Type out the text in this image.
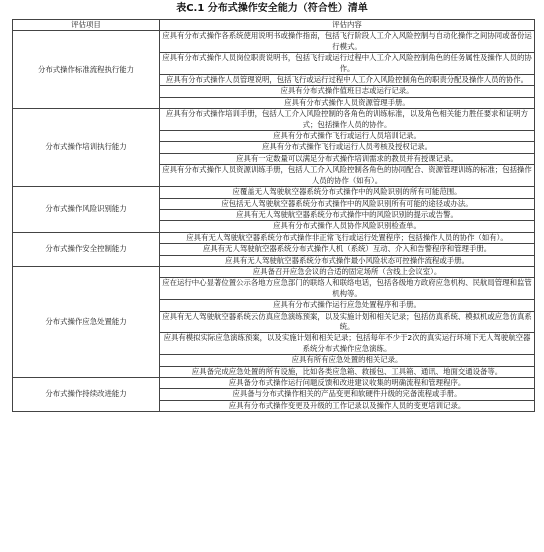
表C.1 分布式操作安全能力（符合性）清单
评估项目	评估内容
分布式操作标准流程执行能力	应具有分布式操作各系统使用说明书或操作指南，包括飞行阶段人工介入风险控制与自动化操作之间协同或备份运行模式。
	应具有分布式操作人员岗位职责说明书，包括飞行或运行过程中人工介入风险控制角色的任务属性及操作人员的协作。
	应具有分布式操作人员管理说明，包括飞行或运行过程中人工介入风险控制角色的职责分配及操作人员的协作。
	应具有分布式操作值班日志或运行记录。
	应具有分布式操作人员资源管理手册。
分布式操作培训执行能力	应具有分布式操作培训手册，包括人工介入风险控制的各角色的训练标准，以及角色相关能力胜任要求和证明方式；包括操作人员的协作。
	应具有分布式操作飞行或运行人员培训记录。
	应具有分布式操作飞行或运行人员考核及授权记录。
	应具有一定数量可以满足分布式操作培训需求的教员并有授课记录。
	应具有分布式操作人员资源训练手册，包括人工介入风险控制各角色的协同配合、资源管理训练的标准；包括操作人员的协作（如有）。
分布式操作风险识别能力	应覆盖无人驾驶航空器系统分布式操作中的风险识别的所有可能范围。
	应包括无人驾驶航空器系统分布式操作中的风险识别所有可能的途径或办法。
	应具有无人驾驶航空器系统分布式操作中的风险识别的提示或告警。
	应具有分布式操作人员协作风险识别检查单。
分布式操作安全控制能力	应具有无人驾驶航空器系统分布式操作非正常飞行或运行处置程序；包括操作人员的协作（如有）。
	应具有无人驾驶航空器系统分布式操作人机（系统）互动、介入和告警程序和管理手册。
	应具有无人驾驶航空器系统分布式操作最小风险状态可控操作流程或手册。
分布式操作应急处置能力	应具备召开应急会议的合适的固定场所（含线上会议室）。
	应在运行中心显著位置公示各地方应急部门的联络人和联络电话，包括各级地方政府应急机构、民航局管理和监管机构等。
	应具有分布式操作运行应急处置程序和手册。
	应具有无人驾驶航空器系统云仿真应急演练预案，以及实施计划和相关记录；包括仿真系统、模拟机或应急仿真系统。
	应具有模拟实际应急演练预案，以及实施计划和相关记录；包括每年不少于2次的真实运行环境下无人驾驶航空器系统分布式操作应急演练。
	应具有所有应急处置的相关记录。
	应具备完成应急处置的所有设施，比如各类应急箱、救援包、工具箱、通讯、地面交通设备等。
分布式操作持续改进能力	应具备分布式操作运行问题反馈和改进建议收集的明确流程和管理程序。
	应具备与分布式操作相关的产品变更和软硬件升级的完备流程或手册。
	应具有分布式操作变更及升级的工作记录以及操作人员的变更培训记录。
